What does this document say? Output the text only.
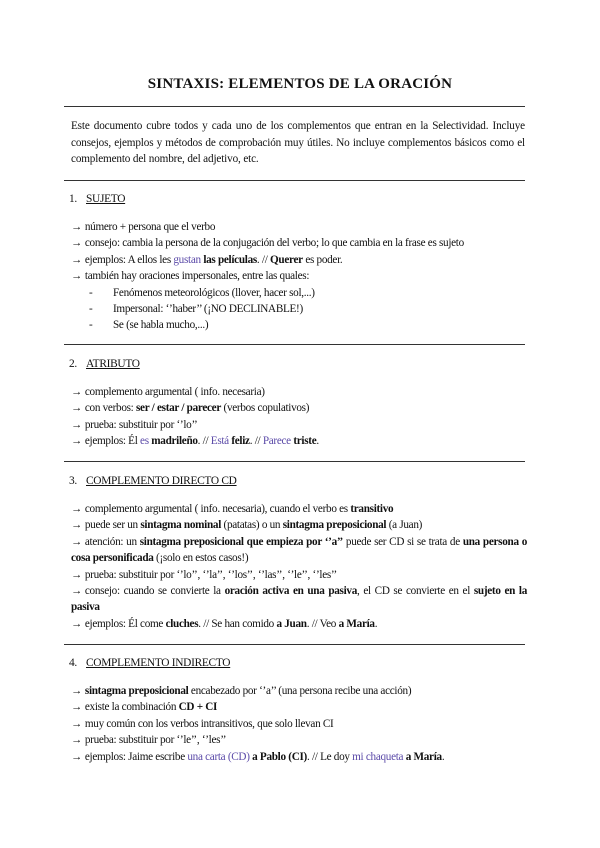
SINTAXIS: ELEMENTOS DE LA ORACIÓN
Este documento cubre todos y cada uno de los complementos que entran en la Selectividad. Incluye consejos, ejemplos y métodos de comprobación muy útiles. No incluye complementos básicos como el complemento del nombre, del adjetivo, etc.
1. SUJETO
→ número + persona que el verbo
→ consejo: cambia la persona de la conjugación del verbo; lo que cambia en la frase es sujeto
→ ejemplos: A ellos les gustan las películas. // Querer es poder.
→ también hay oraciones impersonales, entre las quales:
- Fenómenos meteorológicos (llover, hacer sol,...)
- Impersonal: ‘’haber’’ (¡NO DECLINABLE!)
- Se (se habla mucho,...)
2. ATRIBUTO
→ complemento argumental ( info. necesaria)
→ con verbos: ser / estar / parecer (verbos copulativos)
→ prueba: substituir por ‘’lo’’
→ ejemplos: Él es madrileño. // Está feliz. // Parece triste.
3. COMPLEMENTO DIRECTO CD
→ complemento argumental ( info. necesaria), cuando el verbo es transitivo
→ puede ser un sintagma nominal (patatas) o un sintagma preposicional (a Juan)
→ atención: un sintagma preposicional que empieza por ‘’a’’ puede ser CD si se trata de una persona o cosa personificada (¡solo en estos casos!)
→ prueba: substituir por ‘’lo’’, ‘’la’’, ‘’los’’, ‘’las’’, ‘’le’’, ‘’les’’
→ consejo: cuando se convierte la oración activa en una pasiva, el CD se convierte en el sujeto en la pasiva
→ ejemplos: Él come cluches. // Se han comido a Juan. // Veo a María.
4. COMPLEMENTO INDIRECTO
→ sintagma preposicional encabezado por ‘’a’’ (una persona recibe una acción)
→ existe la combinación CD + CI
→ muy común con los verbos intransitivos, que solo llevan CI
→ prueba: substituir por ‘’le’’, ‘’les’’
→ ejemplos: Jaime escribe una carta (CD) a Pablo (CI). // Le doy mi chaqueta a María.
